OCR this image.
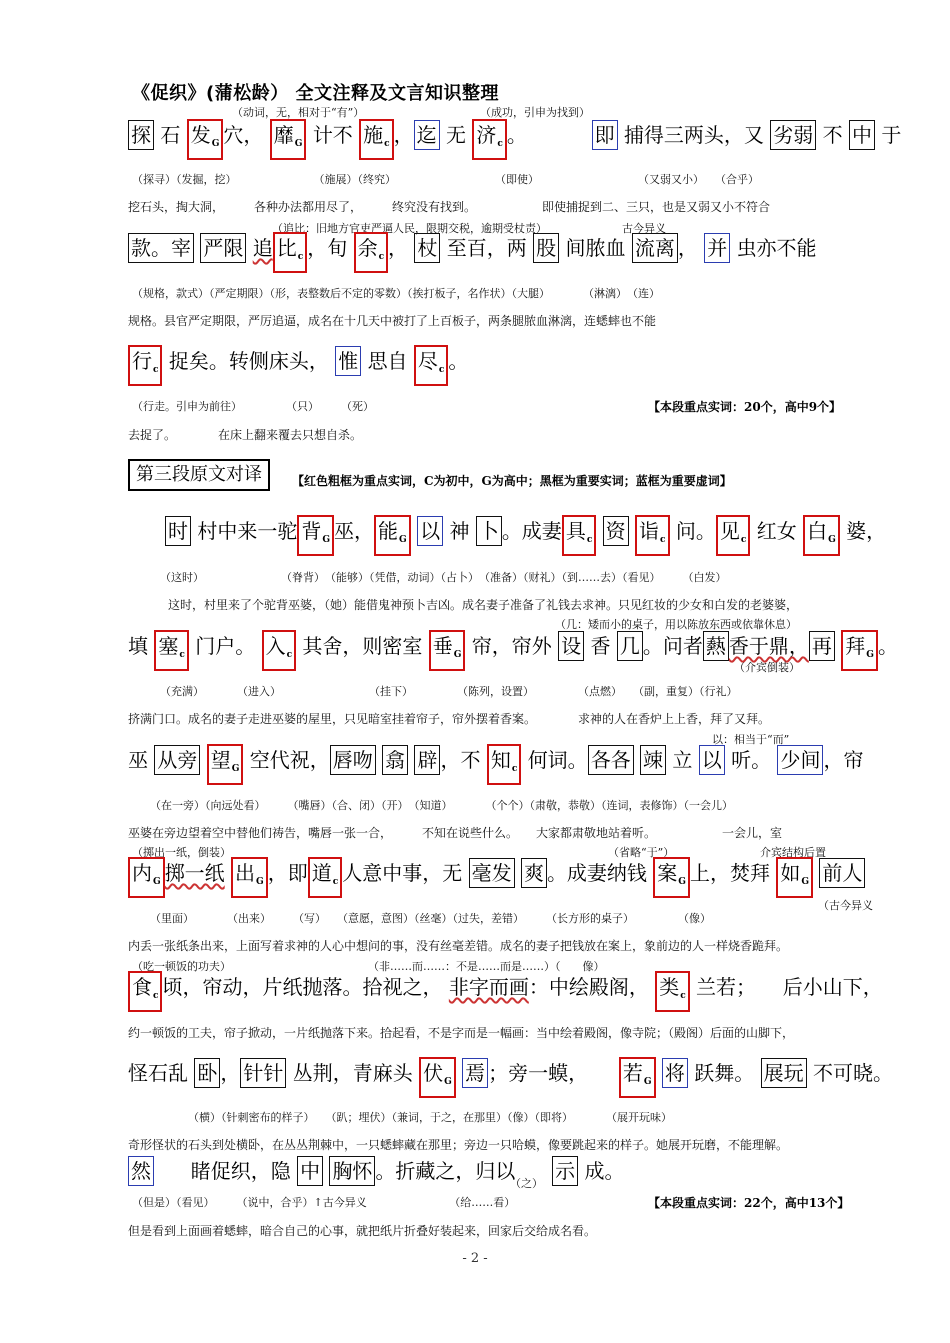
《促织》(蒲松龄） 全文注释及文言知识整理
（动词，无，相对于“有”）	（成功，引申为找到）
探 石 发G 穴， 靡G 计不 施c ， 迄 无 济c 。	即 捕得三两头，又 劣弱 不 中 于
（探寻）（发掘，挖）　　　　　　　　（施展）（终究）　　　　　　　　　　（即使）　　　　　　　　　　（又弱又小）　　（合乎）
挖石头，掏大洞，　　　各种办法都用尽了，　　　终究没有找到。　　　　　　即使捕捉到二、三只，也是又弱又小不符合
（追比：旧地方官吏严逼人民，限期交税，逾期受杖责）	古今异义
款。宰 严限 追 比c ，旬 余c ， 杖 至百，两 股 间脓血 流离 ， 并 虫亦不能
（规格，款式）（严定期限）（形，表整数后不定的零数）（挨打板子，名作状）（大腿）　　　　（淋漓）　（连）
规格。县官严定期限，严厉追逼，成名在十几天中被打了上百板子，两条腿脓血淋漓，连蟋蟀也不能
行c 捉矣。转侧床头， 惟 思自 尽c 。
（行走。引申为前往）　　　　　（只）　　　（死）	【本段重点实词：20个，高中9个】
去捉了。　　　　在床上翻来覆去只想自杀。
第三段原文对译	【红色粗框为重点实词，C为初中，G为高中；黑框为重要实词；蓝框为重要虚词】
时 村中来一驼 背G 巫， 能G 以 神 卜 。成妻 具c 资 诣c 问。 见c 红女 白G 婆，
（这时）　　　　　　　　（脊背）　（能够）（凭借，动词）（占卜）　（准备）（财礼）（到……去）（看见）　　　（白发）
这时，村里来了个驼背巫婆，（她）能借鬼神预卜吉凶。成名妻子准备了礼钱去求神。只见红妆的少女和白发的老婆婆，
（几：矮而小的桌子，用以陈放东西或依靠休息）
填 塞c 门户。 入c 其舍，则密室 垂G 帘，帘外 设 香 几 。问者 爇 香于鼎， 再 拜G 。
（介宾倒装）
（充满）　　　　（进入）　　　　　　　　　（挂下）　　　　　（陈列，设置）　　　　　（点燃）　　（副，重复）（行礼）
挤满门口。成名的妻子走进巫婆的屋里，只见暗室挂着帘子，帘外摆着香案。　　　　求神的人在香炉上上香，拜了又拜。
以：相当于“而”
巫 从旁 望G 空代祝， 唇吻 翕 辟 ，不 知c 何词。 各各 竦 立 以 听。 少间 ，帘
（在一旁）（向远处看）　　　（嘴唇）（合、闭）（开）　（知道）　　　　（个个）（肃敬，恭敬）（连词，表修饰）（一会儿）
巫婆在旁边望着空中替他们祷告，嘴唇一张一合，　　　不知在说些什么。　　大家都肃敬地站着听。　　　　　　一会儿，室
（掷出一纸，倒装）	（省略“于”）	介宾结构后置
内G 掷一纸 出G ，即 道c 人意中事，无 毫发 爽 。成妻纳钱 案G 上，焚拜 如G 前人
（里面）　　　　（出来）　　　（写）　　（意愿，意图）（丝毫）（过失，差错）　　　（长方形的桌子）　　　　　（像）
（古今异义
内丢一张纸条出来，上面写着求神的人心中想问的事，没有丝毫差错。成名的妻子把钱放在案上，象前边的人一样烧香跪拜。
（吃一顿饭的功夫）	（非……而……：不是……而是……）（　　像）
食c 顷，帘动，片纸抛落。拾视之， 非字而画：中绘殿阁， 类c 兰若； 后小山下，
约一顿饭的工夫，帘子掀动，一片纸抛落下来。拾起看，不是字而是一幅画：当中绘着殿阁，像寺院；（殿阁）后面的山脚下，
怪石乱 卧 ， 针针 丛荆，青麻头 伏G 焉 ；旁一蟆， 若G 将 跃舞。 展玩 不可晓。
（横）（针刺密布的样子）　　（趴；埋伏）（兼词，于之，在那里）（像）（即将）　　　　（展开玩味）
奇形怪状的石头到处横卧，在丛丛荆棘中，一只蟋蟀藏在那里；旁边一只哈蟆，像要跳起来的样子。她展开玩磨，不能理解。
然 睹促织，隐 中 胸怀 。折藏之，归以 示 成。
（之）
（但是）（看见）　　　（说中，合乎）↑古今异义　　　　　　　　（给……看）	【本段重点实词：22个，高中13个】
但是看到上面画着蟋蟀，暗合自己的心事，就把纸片折叠好装起来，回家后交给成名看。
- 2 -
